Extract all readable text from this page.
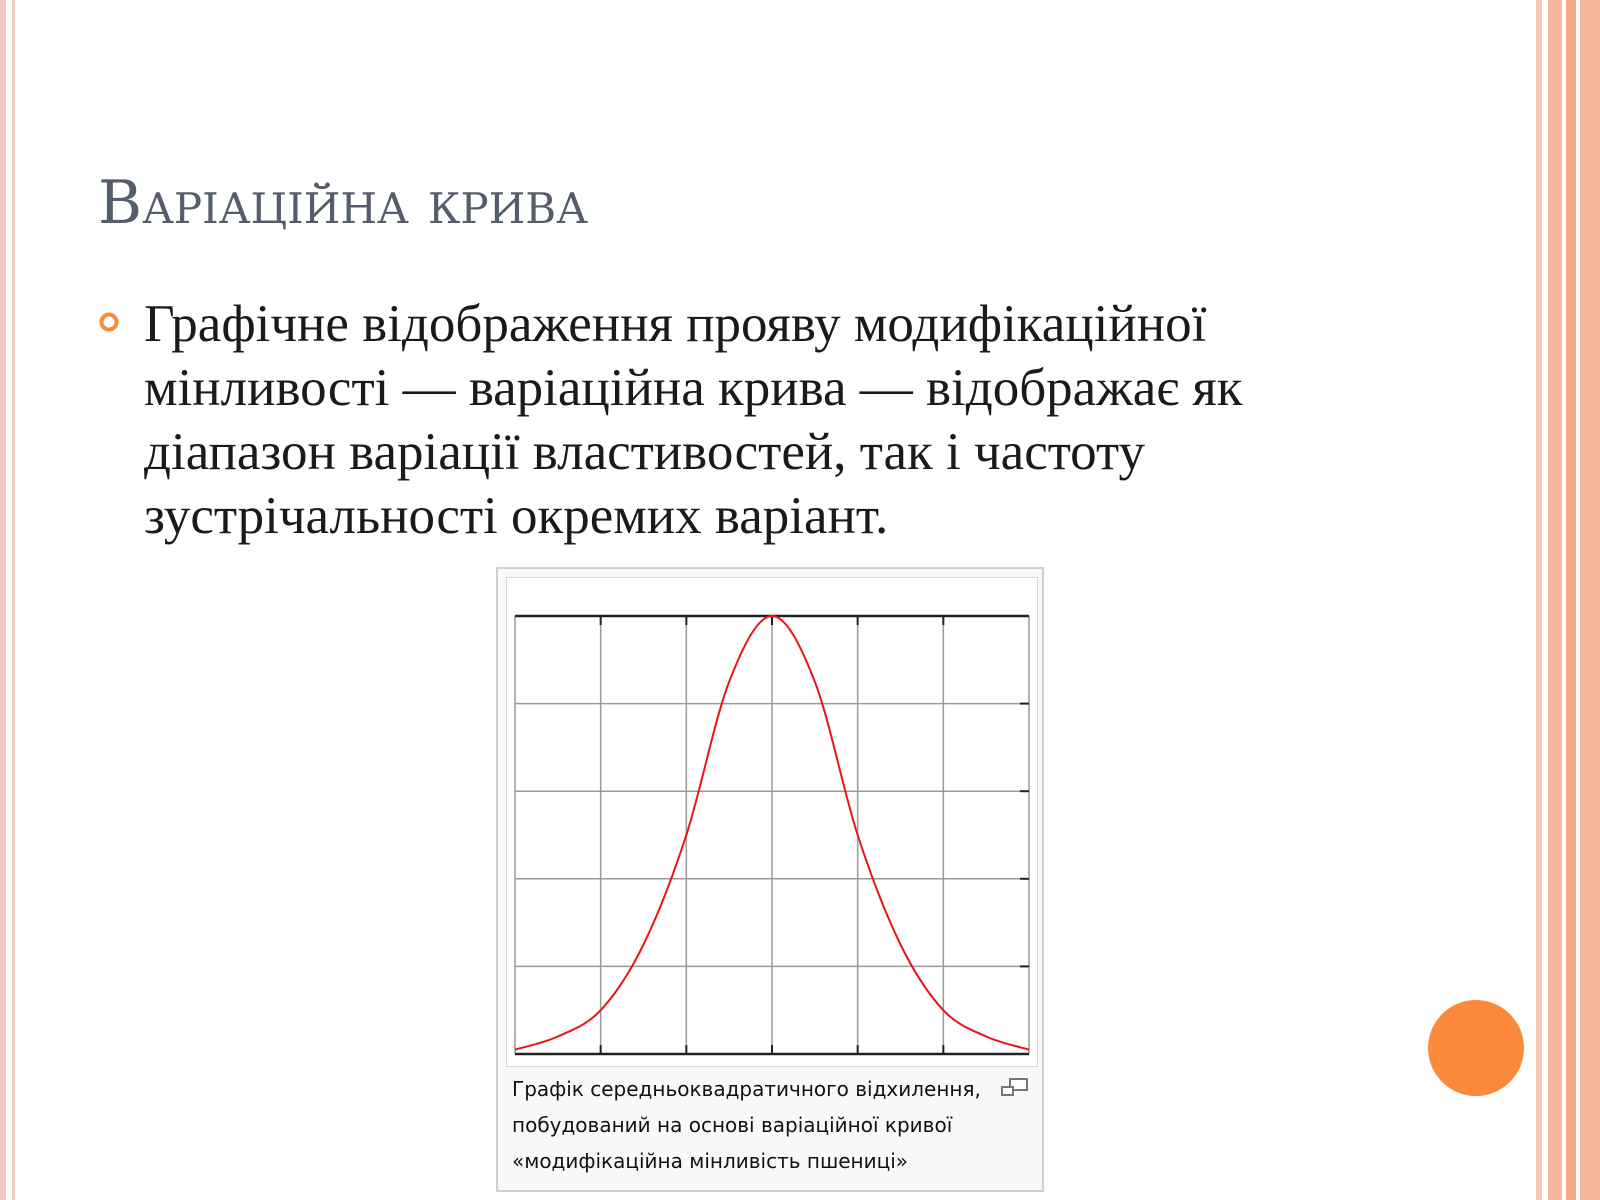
Варіаційна крива
Графічне відображення прояву модифікаційної мінливості — варіаційна крива — відображає як діапазон варіації властивостей, так і частоту зустрічальності окремих варіант.
Графік середньоквадратичного відхилення,
побудований на основі варіаційної кривої
«модифікаційна мінливість пшениці»
